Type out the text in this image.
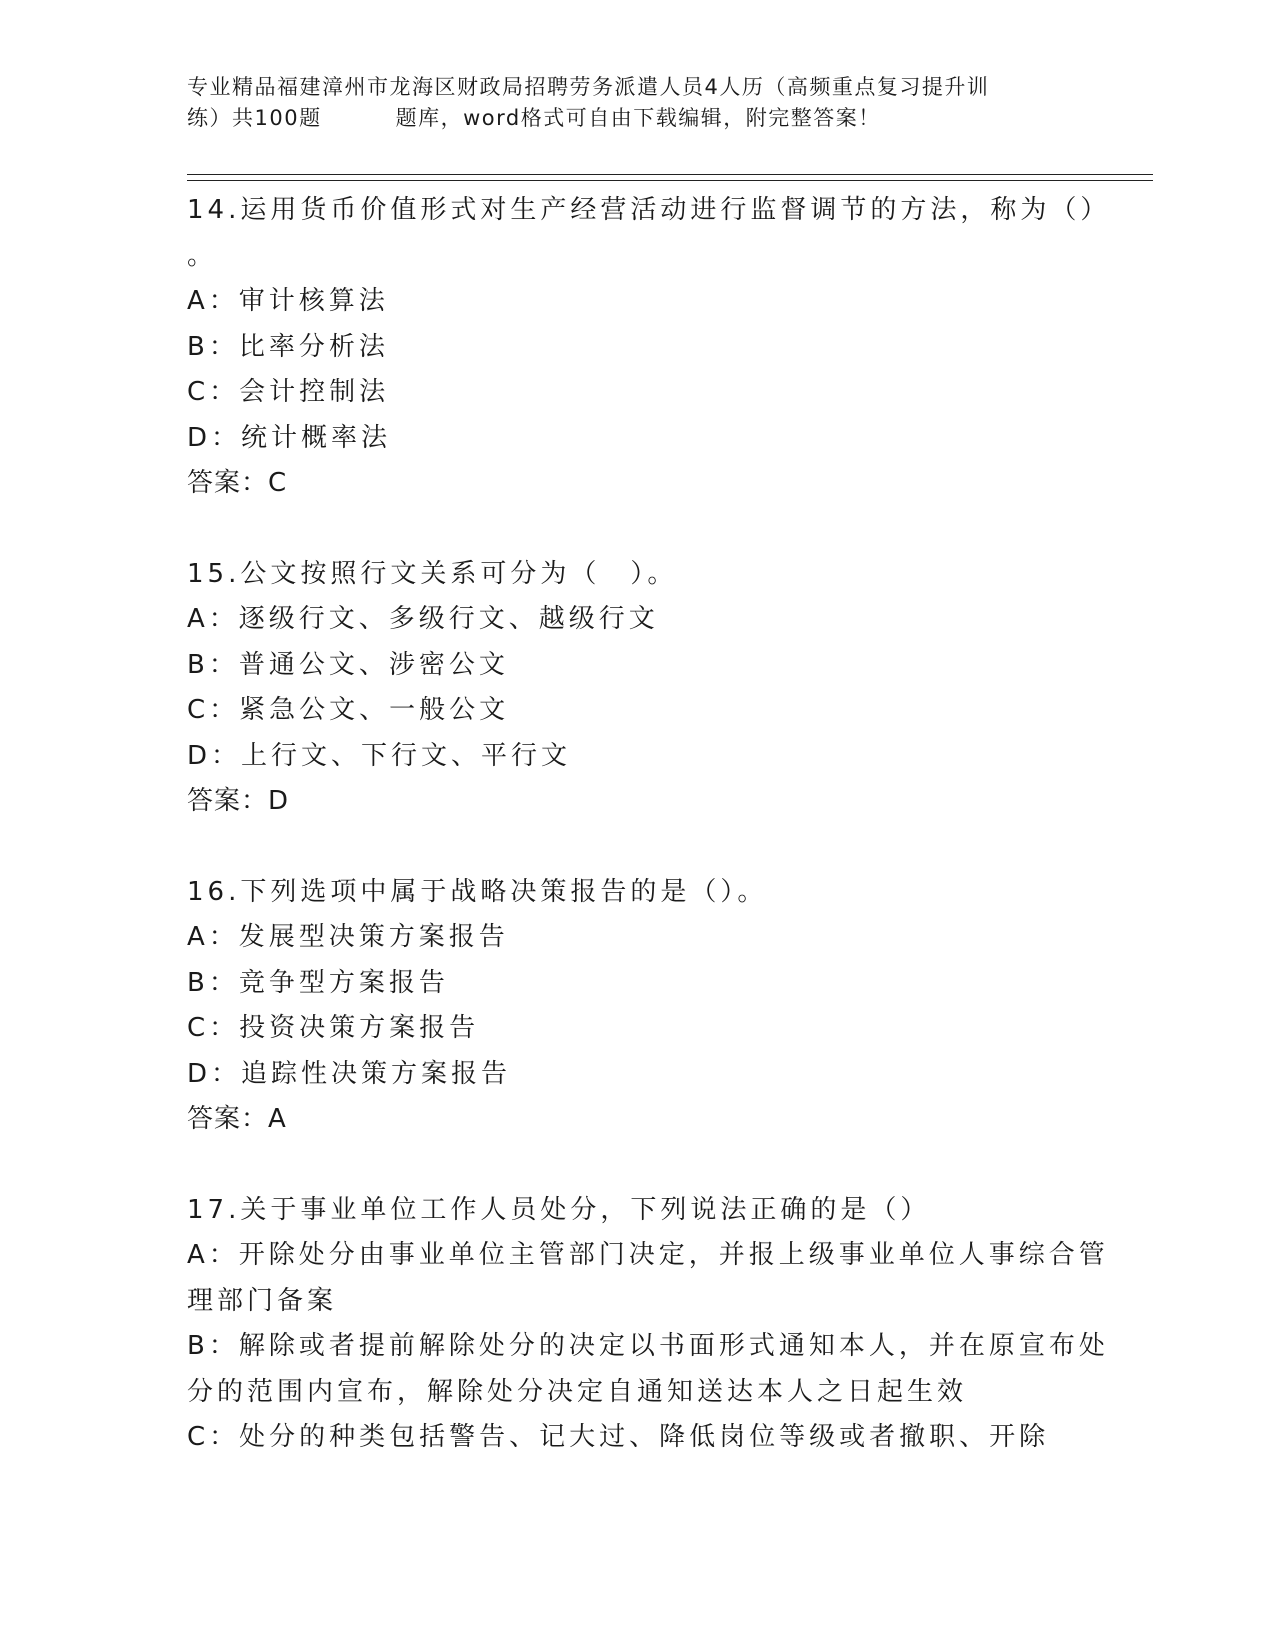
专业精品福建漳州市龙海区财政局招聘劳务派遣人员4人历（高频重点复习提升训
练）共100题	题库，word格式可自由下载编辑，附完整答案！
14.运用货币价值形式对生产经营活动进行监督调节的方法，称为（）
。
A：审计核算法
B：比率分析法
C：会计控制法
D：统计概率法
答案：C
15.公文按照行文关系可分为（　）。
A：逐级行文、多级行文、越级行文
B：普通公文、涉密公文
C：紧急公文、一般公文
D：上行文、下行文、平行文
答案：D
16.下列选项中属于战略决策报告的是（）。
A：发展型决策方案报告
B：竞争型方案报告
C：投资决策方案报告
D：追踪性决策方案报告
答案：A
17.关于事业单位工作人员处分，下列说法正确的是（）
A：开除处分由事业单位主管部门决定，并报上级事业单位人事综合管
理部门备案
B：解除或者提前解除处分的决定以书面形式通知本人，并在原宣布处
分的范围内宣布，解除处分决定自通知送达本人之日起生效
C：处分的种类包括警告、记大过、降低岗位等级或者撤职、开除
